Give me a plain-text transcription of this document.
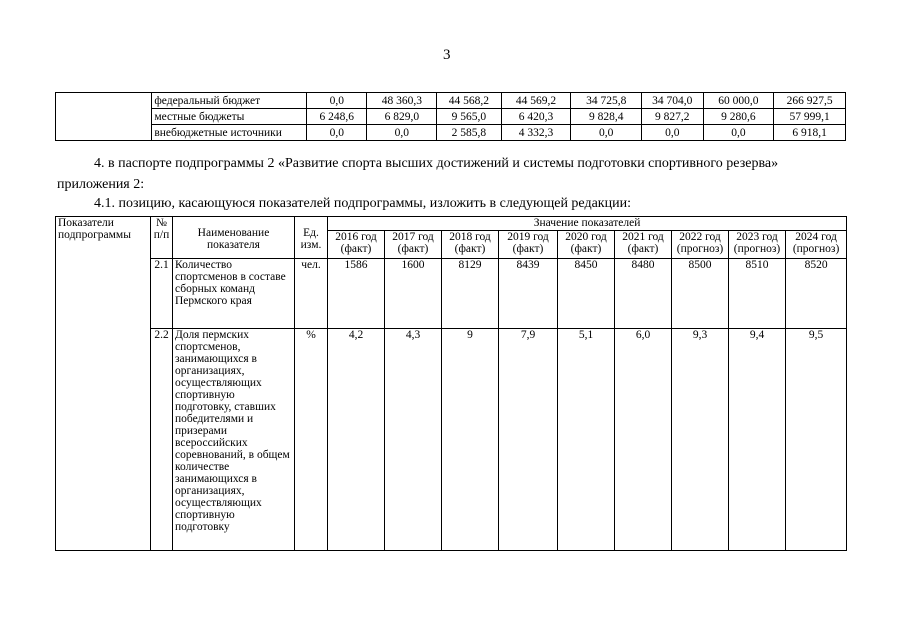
3
	федеральный бюджет	0,0	48 360,3	44 568,2	44 569,2	34 725,8	34 704,0	60 000,0	266 927,5
	местные бюджеты	6 248,6	6 829,0	9 565,0	6 420,3	9 828,4	9 827,2	9 280,6	57 999,1
	внебюджетные источники	0,0	0,0	2 585,8	4 332,3	0,0	0,0	0,0	6 918,1
4. в паспорте подпрограммы 2 «Развитие спорта высших достижений и системы подготовки спортивного резерва»
приложения 2:
4.1. позицию, касающуюся показателей подпрограммы, изложить в следующей редакции:
Показатели подпрограммы	№ п/п	Наименование показателя	Ед. изм.	Значение показателей								
				2016 год (факт)	2017 год (факт)	2018 год (факт)	2019 год (факт)	2020 год (факт)	2021 год (факт)	2022 год (прогноз)	2023 год (прогноз)	2024 год (прогноз)
	2.1	Количество спортсменов в составе сборных команд Пермского края	чел.	1586	1600	8129	8439	8450	8480	8500	8510	8520
	2.2	Доля пермских спортсменов, занимающихся в организациях, осуществляющих спортивную подготовку, ставших победителями и призерами всероссийских соревнований, в общем количестве занимающихся в организациях, осуществляющих спортивную подготовку	%	4,2	4,3	9	7,9	5,1	6,0	9,3	9,4	9,5
